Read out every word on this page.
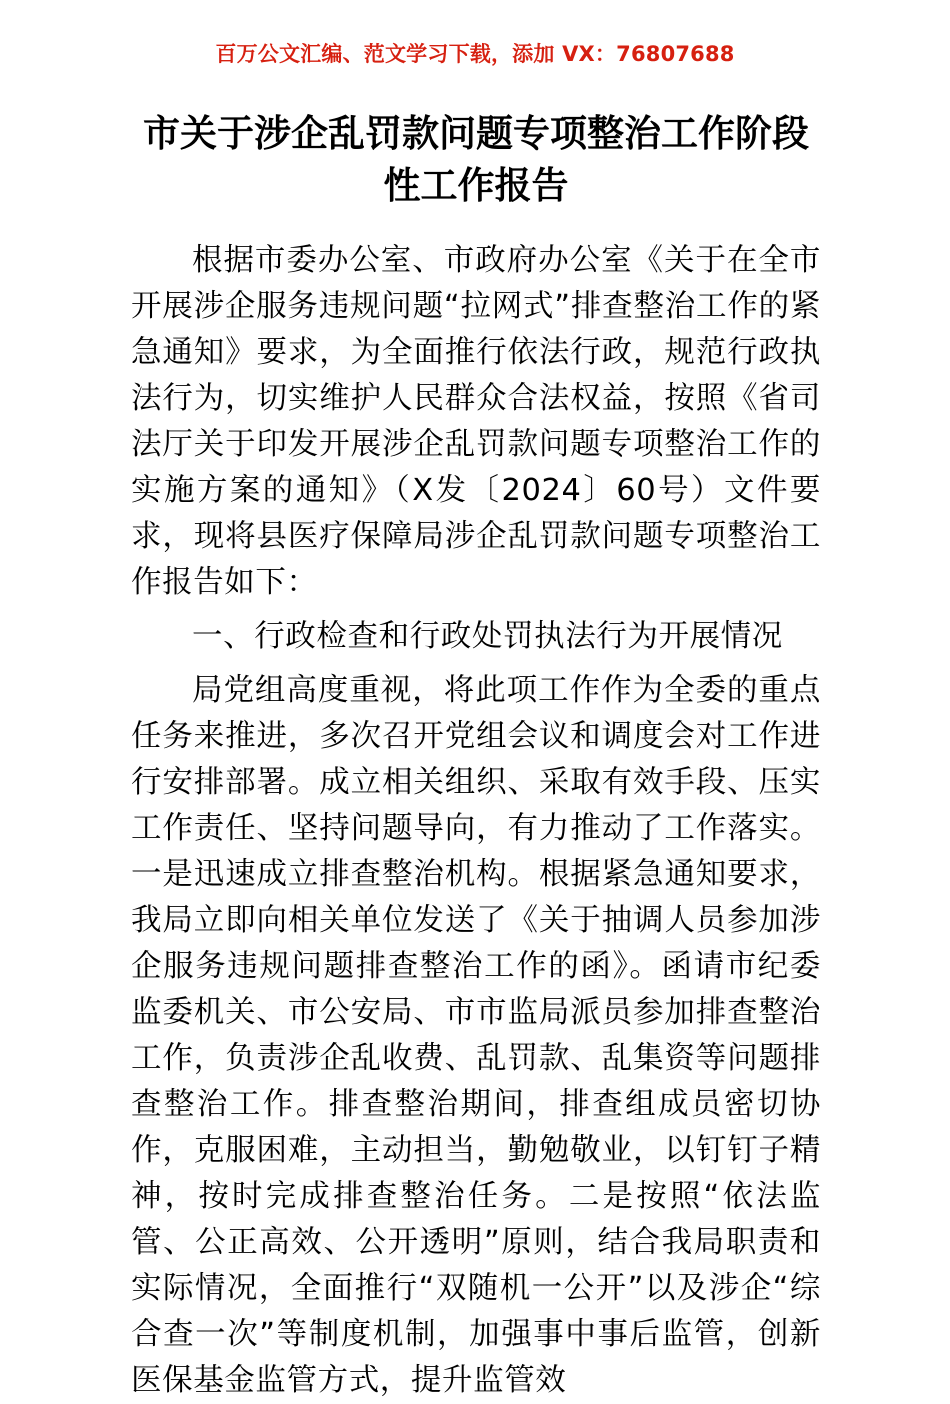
百万公文汇编、范文学习下载，添加 VX：76807688
市关于涉企乱罚款问题专项整治工作阶段性工作报告

根据市委办公室、市政府办公室《关于在全市开展涉企服务违规问题“拉网式”排查整治工作的紧急通知》要求，为全面推行依法行政，规范行政执法行为，切实维护人民群众合法权益，按照《省司法厅关于印发开展涉企乱罚款问题专项整治工作的实施方案的通知》（X发〔2024〕60号）文件要求，现将县医疗保障局涉企乱罚款问题专项整治工作报告如下：

一、行政检查和行政处罚执法行为开展情况

局党组高度重视，将此项工作作为全委的重点任务来推进，多次召开党组会议和调度会对工作进行安排部署。成立相关组织、采取有效手段、压实工作责任、坚持问题导向，有力推动了工作落实。一是迅速成立排查整治机构。根据紧急通知要求，我局立即向相关单位发送了《关于抽调人员参加涉企服务违规问题排查整治工作的函》。函请市纪委监委机关、市公安局、市市监局派员参加排查整治工作，负责涉企乱收费、乱罚款、乱集资等问题排查整治工作。排查整治期间，排查组成员密切协作，克服困难，主动担当，勤勉敬业，以钉钉子精神，按时完成排查整治任务。二是按照“依法监管、公正高效、公开透明”原则，结合我局职责和实际情况，全面推行“双随机一公开”以及涉企“综合查一次”等制度机制，加强事中事后监管，创新医保基金监管方式，提升监管效
